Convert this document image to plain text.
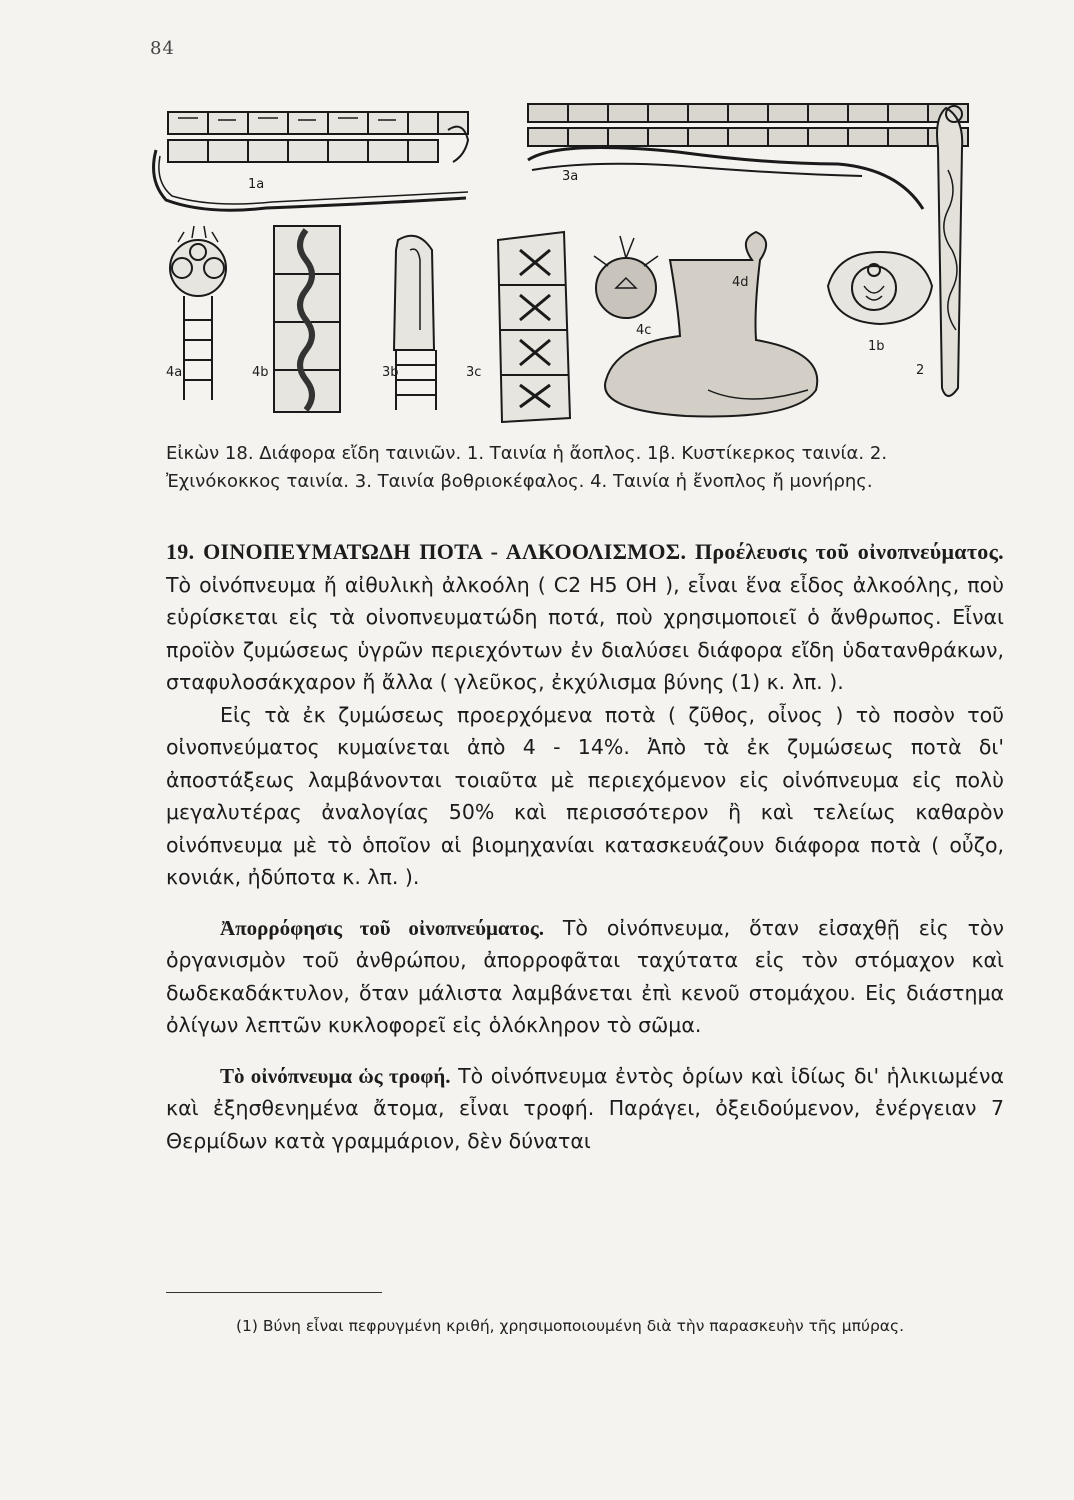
84
1a
3a
4a	4b	3b	3c
4c
4d
1b
2
Εἰκὼν 18. Διάφορα εἴδη ταινιῶν. 1. Ταινία ἡ ἄοπλος. 1β. Κυστίκερκος ταινία. 2. Ἐχινόκοκκος ταινία. 3. Ταινία βοθριοκέφαλος. 4. Ταινία ἡ ἔνοπλος ἤ μονήρης.

19. ΟΙΝΟΠΕΥΜΑΤΩΔΗ ΠΟΤΑ - ΑΛΚΟΟΛΙΣΜΟΣ. Προέλευσις τοῦ οἰνοπνεύματος. Τὸ οἰνόπνευμα ἤ αἰθυλικὴ ἀλκοόλη ( C2 H5 OH ), εἶναι ἕνα εἶδος ἀλκοόλης, ποὺ εὑρίσκεται εἰς τὰ οἰνοπνευματώδη ποτά, ποὺ χρησιμοποιεῖ ὁ ἄνθρωπος. Εἶναι προϊὸν ζυμώσεως ὑγρῶν περιεχόντων ἐν διαλύσει διάφορα εἴδη ὑδατανθράκων, σταφυλοσάκχαρον ἤ ἄλλα ( γλεῦκος, ἐκχύλισμα βύνης (1) κ. λπ. ).

Εἰς τὰ ἐκ ζυμώσεως προερχόμενα ποτὰ ( ζῦθος, οἶνος ) τὸ ποσὸν τοῦ οἰνοπνεύματος κυμαίνεται ἀπὸ 4 - 14%. Ἀπὸ τὰ ἐκ ζυμώσεως ποτὰ δι' ἀποστάξεως λαμβάνονται τοιαῦτα μὲ περιεχόμενον εἰς οἰνόπνευμα εἰς πολὺ μεγαλυτέρας ἀναλογίας 50% καὶ περισσότερον ἢ καὶ τελείως καθαρὸν οἰνόπνευμα μὲ τὸ ὁποῖον αἱ βιομηχανίαι κατασκευάζουν διάφορα ποτὰ ( οὖζο, κονιάκ, ἠδύποτα κ. λπ. ).

Ἀπορρόφησις τοῦ οἰνοπνεύματος. Τὸ οἰνόπνευμα, ὅταν εἰσαχθῇ εἰς τὸν ὀργανισμὸν τοῦ ἀνθρώπου, ἀπορροφᾶται ταχύτατα εἰς τὸν στόμαχον καὶ δωδεκαδάκτυλον, ὅταν μάλιστα λαμβάνεται ἐπὶ κενοῦ στομάχου. Εἰς διάστημα ὀλίγων λεπτῶν κυκλοφορεῖ εἰς ὁλόκληρον τὸ σῶμα.

Τὸ οἰνόπνευμα ὡς τροφή. Τὸ οἰνόπνευμα ἐντὸς ὁρίων καὶ ἰδίως δι' ἡλικιωμένα καὶ ἐξησθενημένα ἄτομα, εἶναι τροφή. Παράγει, ὀξειδούμενον, ἐνέργειαν 7 Θερμίδων κατὰ γραμμάριον, δὲν δύναται

(1) Βύνη εἶναι πεφρυγμένη κριθή, χρησιμοποιουμένη διὰ τὴν παρασκευὴν τῆς μπύρας.
